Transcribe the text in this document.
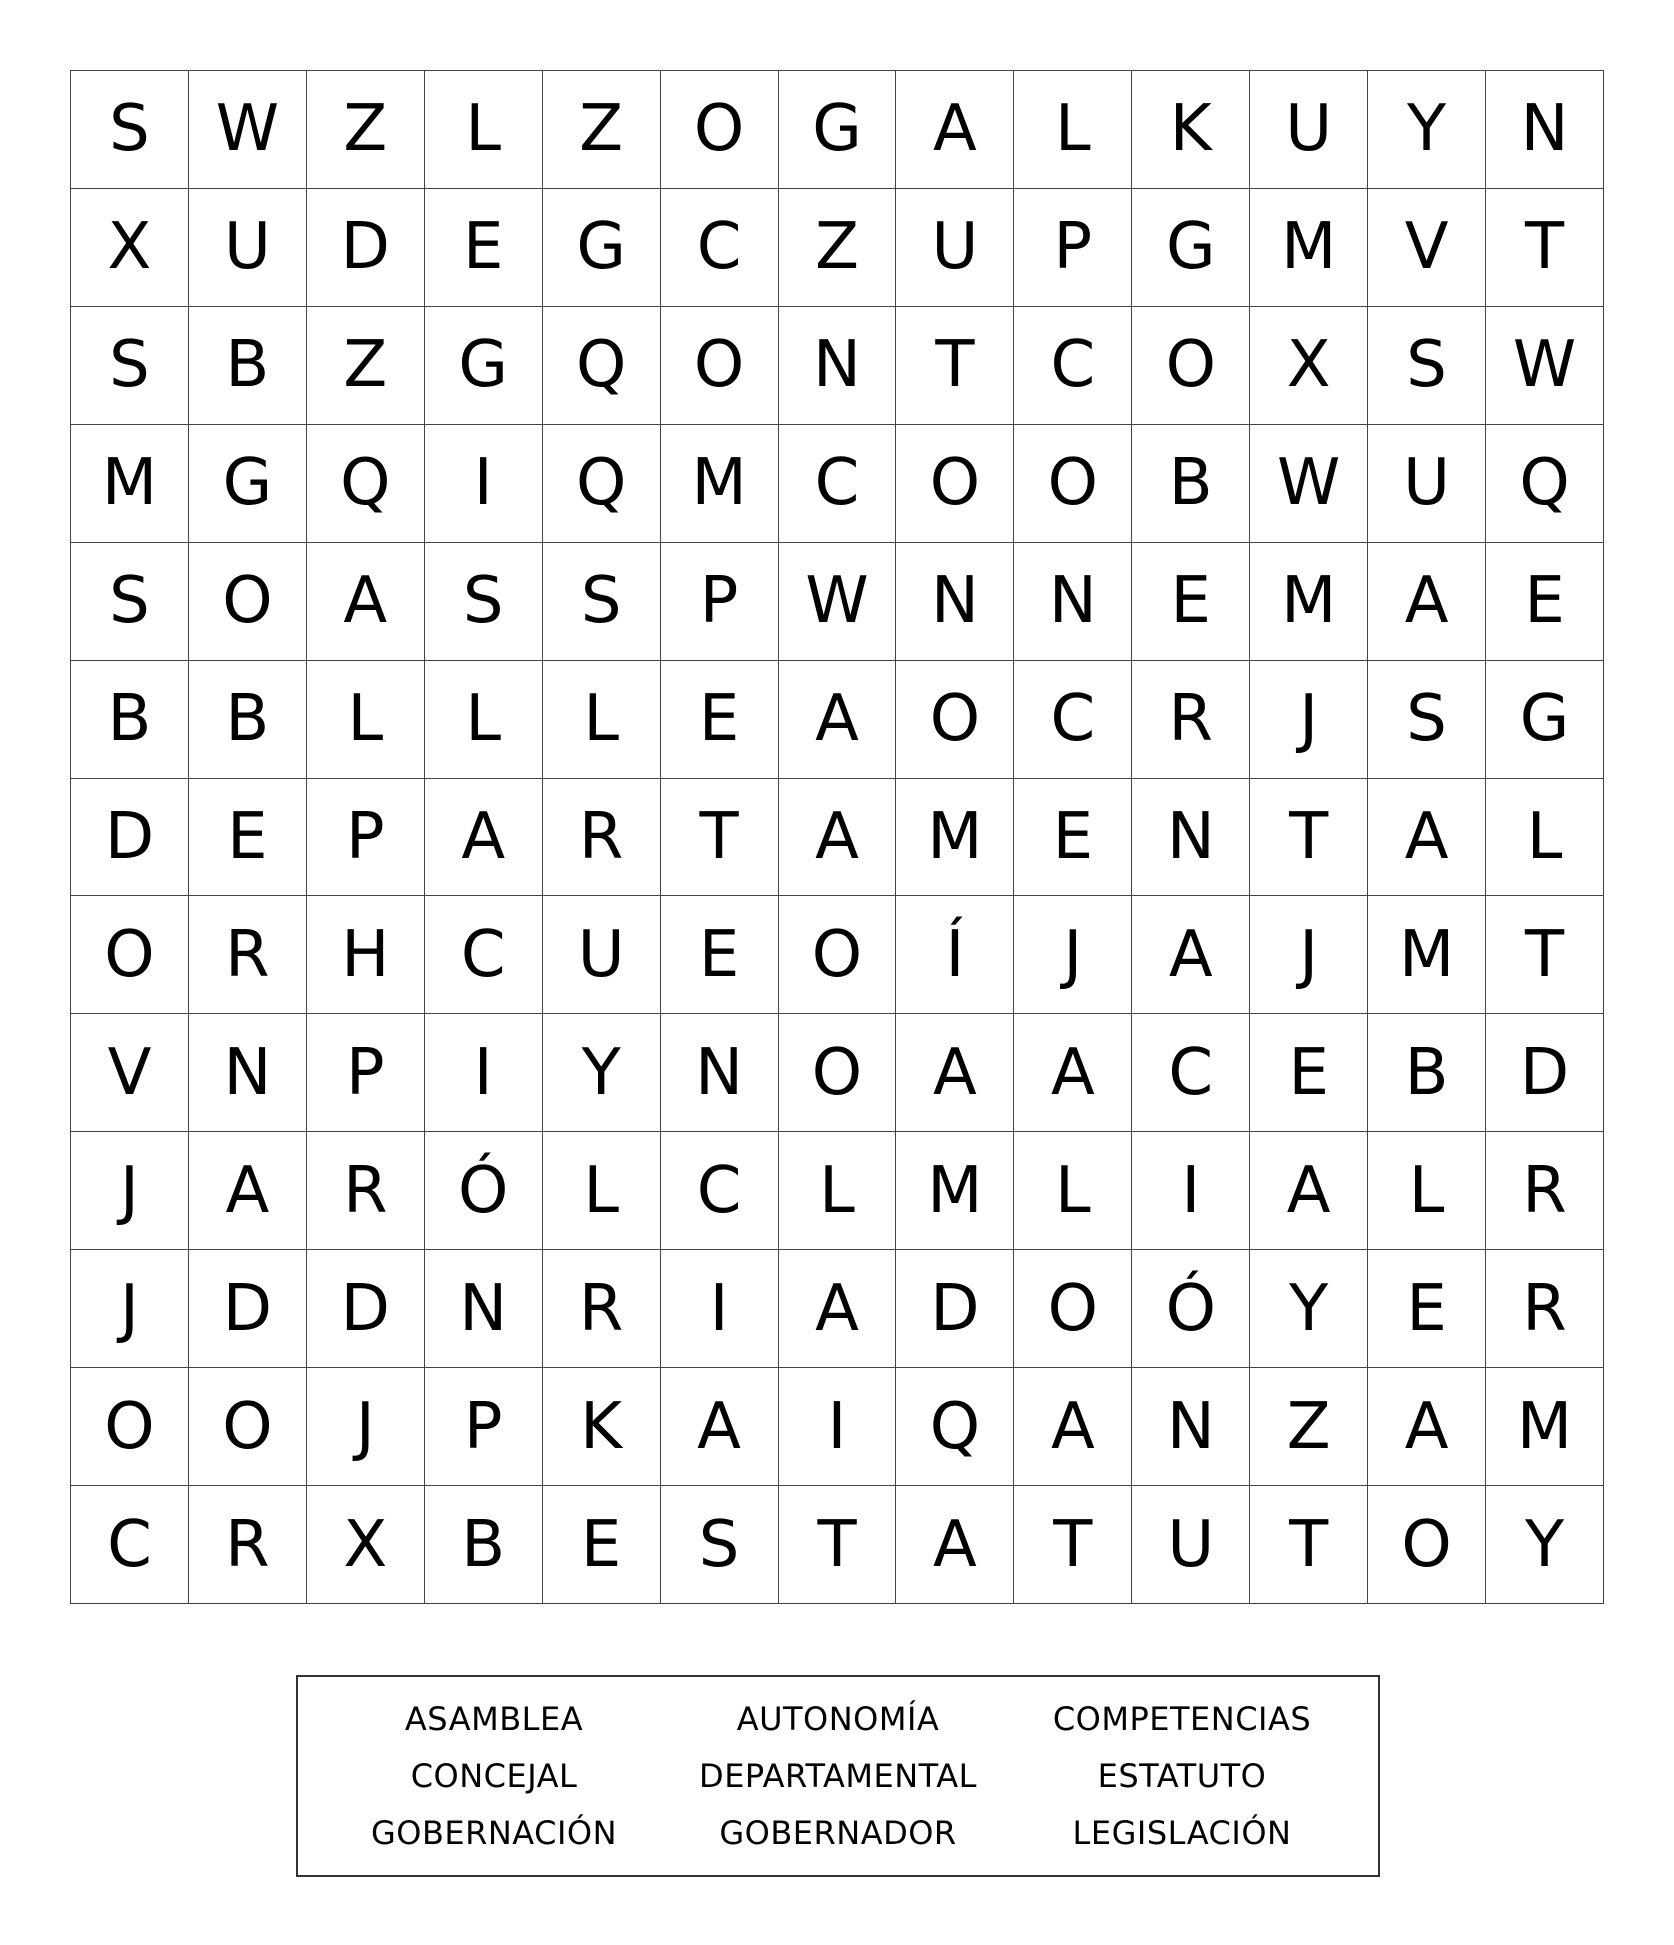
S	W	Z	L	Z	O	G	A	L	K	U	Y	N
X	U	D	E	G	C	Z	U	P	G	M	V	T
S	B	Z	G	Q	O	N	T	C	O	X	S	W
M	G	Q	I	Q	M	C	O	O	B	W U	Q
S	O	A	S	S	P	W N	N	E	M	A	E
B	B	L	L	L	E	A	O	C	R	J	S	G
D	E	P	A	R	T	A	M	E	N	T	A	L
O	R	H	C	U	E	O	Í	J	A	J	M	T
V	N	P	I	Y	N	O	A	A	C	E	B	D
J	A	R	Ó	L	C	L	M	L	I	A	L	R
J	D	D	N	R	I	A	D	O	Ó	Y	E	R
O	O	J	P	K	A	I	Q	A	N	Z	A	M
C	R	X	B	E	S	T	A	T	U	T	O	Y
ASAMBLEA	AUTONOMÍA	COMPETENCIAS
CONCEJAL	DEPARTAMENTAL	ESTATUTO
GOBERNACIÓN	GOBERNADOR	LEGISLACIÓN
